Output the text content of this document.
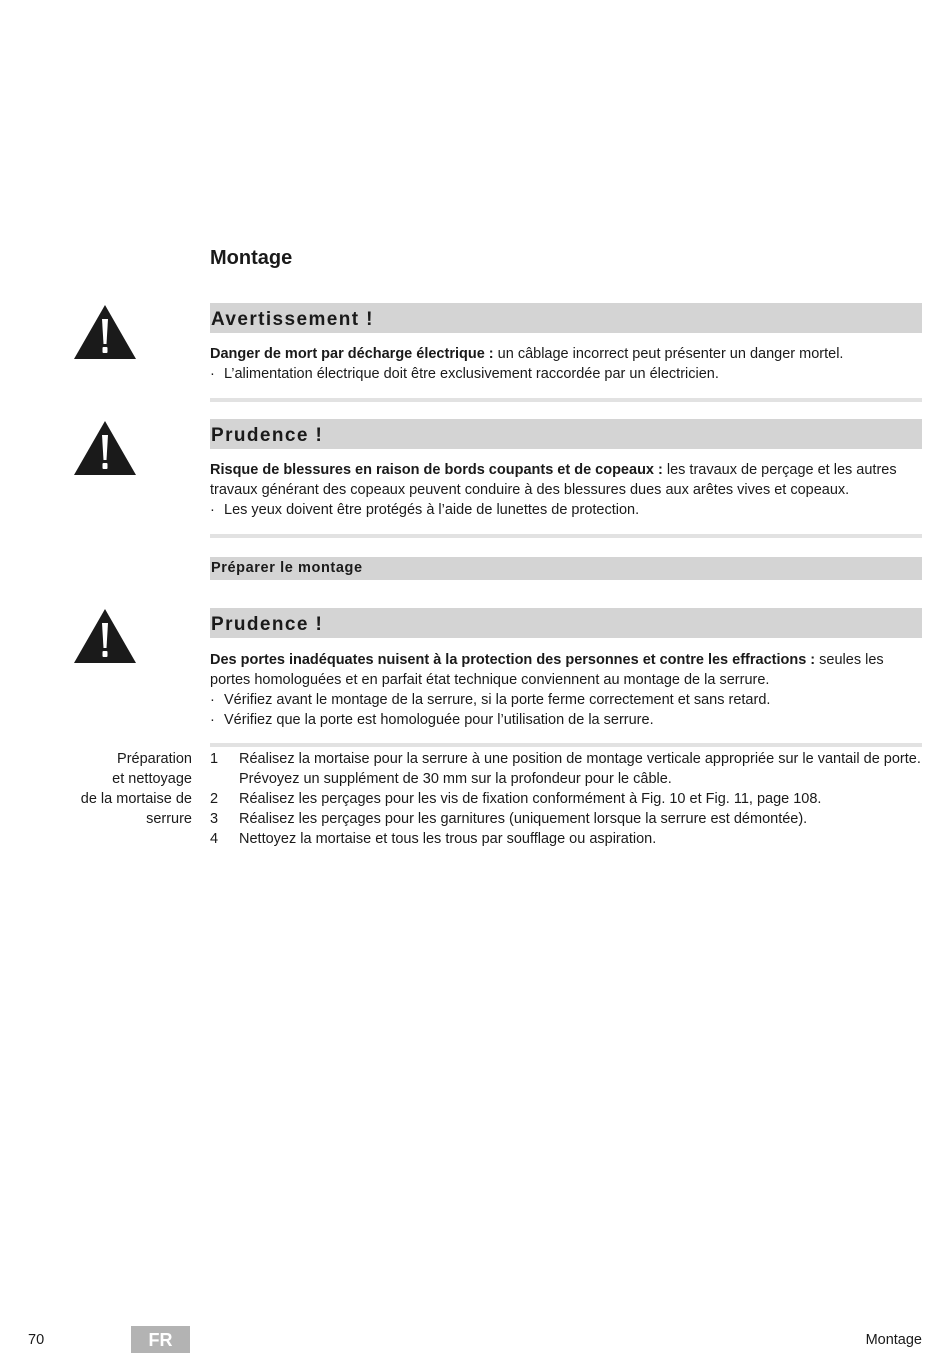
Montage
Avertissement !

Danger de mort par décharge électrique : un câblage incorrect peut présenter un danger mortel.

· L’alimentation électrique doit être exclusivement raccordée par un électricien.
Prudence !

Risque de blessures en raison de bords coupants et de copeaux : les travaux de perçage et les autres travaux générant des copeaux peuvent conduire à des blessures dues aux arêtes vives et copeaux.

· Les yeux doivent être protégés à l’aide de lunettes de protection.
Préparer le montage
Prudence !

Des portes inadéquates nuisent à la protection des personnes et contre les effractions : seules les portes homologuées et en parfait état technique conviennent au montage de la serrure.

· Vérifiez avant le montage de la serrure, si la porte ferme correctement et sans retard.
· Vérifiez que la porte est homologuée pour l’utilisation de la serrure.
Préparation
et nettoyage
de la mortaise de
serrure
1	Réalisez la mortaise pour la serrure à une position de montage verticale appropriée sur le vantail de porte. Prévoyez un supplément de 30 mm sur la profondeur pour le câble.
2	Réalisez les perçages pour les vis de fixation conformément à Fig. 10 et Fig. 11, page 108.
3	Réalisez les perçages pour les garnitures (uniquement lorsque la serrure est démontée).
4	Nettoyez la mortaise et tous les trous par soufflage ou aspiration.
70	FR	Montage
